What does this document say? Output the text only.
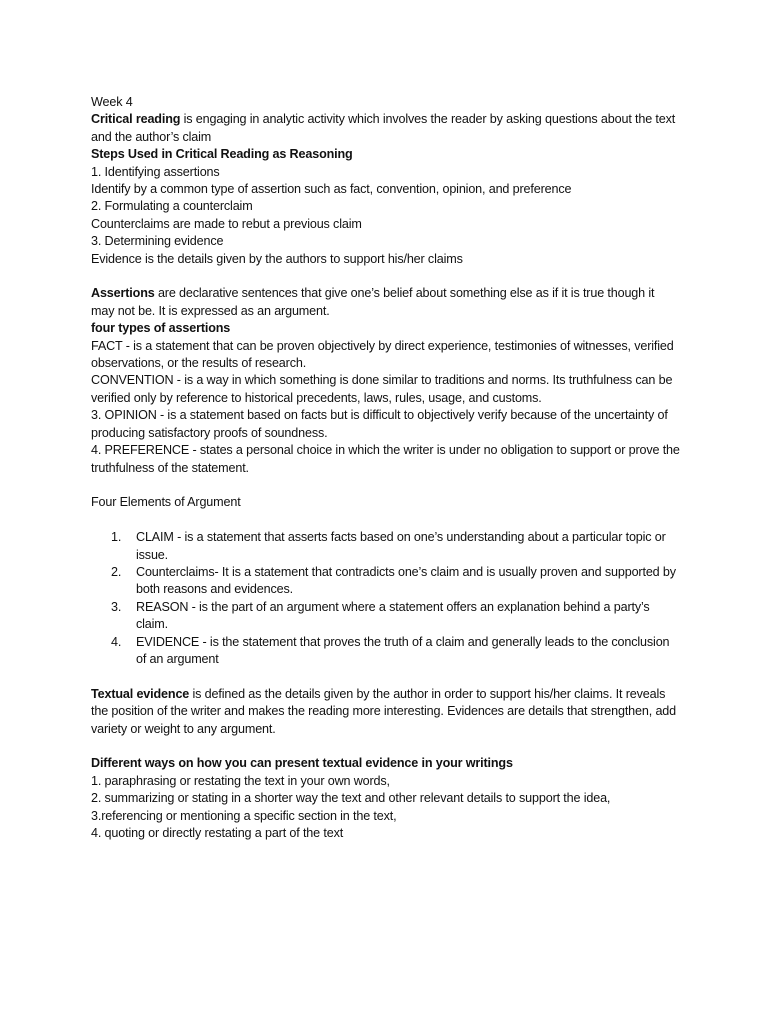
Week 4
Critical reading is engaging in analytic activity which involves the reader by asking questions about the text and the author’s claim
Steps Used in Critical Reading as Reasoning
1. Identifying assertions
Identify by a common type of assertion such as fact, convention, opinion, and preference
2. Formulating a counterclaim
Counterclaims are made to rebut a previous claim
3. Determining evidence
Evidence is the details given by the authors to support his/her claims
Assertions are declarative sentences that give one’s belief about something else as if it is true though it may not be. It is expressed as an argument.
four types of assertions
FACT - is a statement that can be proven objectively by direct experience, testimonies of witnesses, verified observations, or the results of research.
CONVENTION - is a way in which something is done similar to traditions and norms. Its truthfulness can be verified only by reference to historical precedents, laws, rules, usage, and customs.
3. OPINION - is a statement based on facts but is difficult to objectively verify because of the uncertainty of producing satisfactory proofs of soundness.
4. PREFERENCE - states a personal choice in which the writer is under no obligation to support or prove the truthfulness of the statement.
Four Elements of Argument
1. CLAIM - is a statement that asserts facts based on one’s understanding about a particular topic or issue.
2. Counterclaims- It is a statement that contradicts one’s claim and is usually proven and supported by both reasons and evidences.
3. REASON - is the part of an argument where a statement offers an explanation behind a party’s claim.
4. EVIDENCE - is the statement that proves the truth of a claim and generally leads to the conclusion of an argument
Textual evidence is defined as the details given by the author in order to support his/her claims. It reveals the position of the writer and makes the reading more interesting. Evidences are details that strengthen, add variety or weight to any argument.
Different ways on how you can present textual evidence in your writings
1. paraphrasing or restating the text in your own words,
2. summarizing or stating in a shorter way the text and other relevant details to support the idea,
3.referencing or mentioning a specific section in the text,
4. quoting or directly restating a part of the text
